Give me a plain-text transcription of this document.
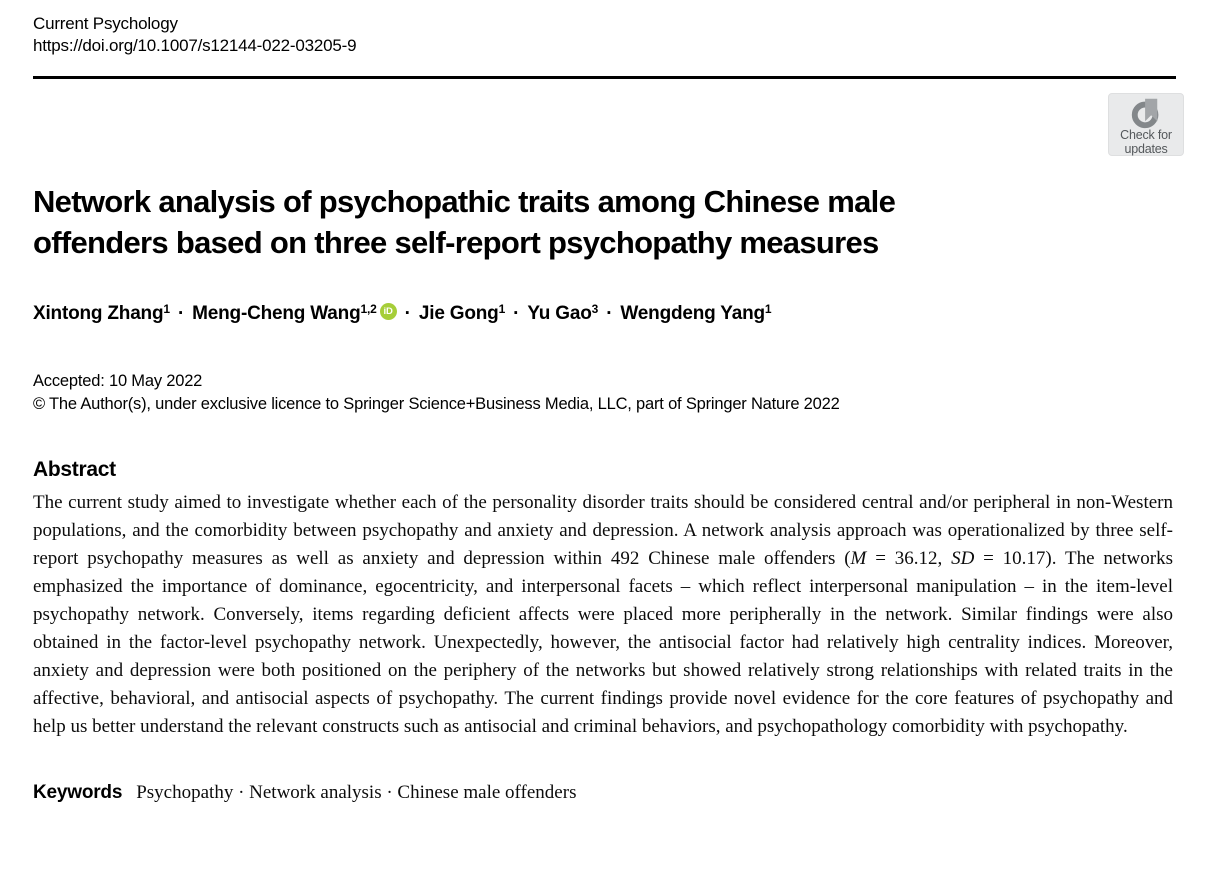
Current Psychology
https://doi.org/10.1007/s12144-022-03205-9
Network analysis of psychopathic traits among Chinese male offenders based on three self-report psychopathy measures
Xintong Zhang$^1$ · Meng-Cheng Wang$^{1,2}$ iD · Jie Gong$^1$ · Yu Gao$^3$ · Wengdeng Yang$^1$
Accepted: 10 May 2022
© The Author(s), under exclusive licence to Springer Science+Business Media, LLC, part of Springer Nature 2022
Abstract

The current study aimed to investigate whether each of the personality disorder traits should be considered central and/or peripheral in non-Western populations, and the comorbidity between psychopathy and anxiety and depression. A network analysis approach was operationalized by three self-report psychopathy measures as well as anxiety and depression within 492 Chinese male offenders (M = 36.12, SD = 10.17). The networks emphasized the importance of dominance, egocentricity, and interpersonal facets – which reflect interpersonal manipulation – in the item-level psychopathy network. Conversely, items regarding deficient affects were placed more peripherally in the network. Similar findings were also obtained in the factor-level psychopathy network. Unexpectedly, however, the antisocial factor had relatively high centrality indices. Moreover, anxiety and depression were both positioned on the periphery of the networks but showed relatively strong relationships with related traits in the affective, behavioral, and antisocial aspects of psychopathy. The current findings provide novel evidence for the core features of psychopathy and help us better understand the relevant constructs such as antisocial and criminal behaviors, and psychopathology comorbidity with psychopathy.

Keywords Psychopathy · Network analysis · Chinese male offenders
Check for
updates
